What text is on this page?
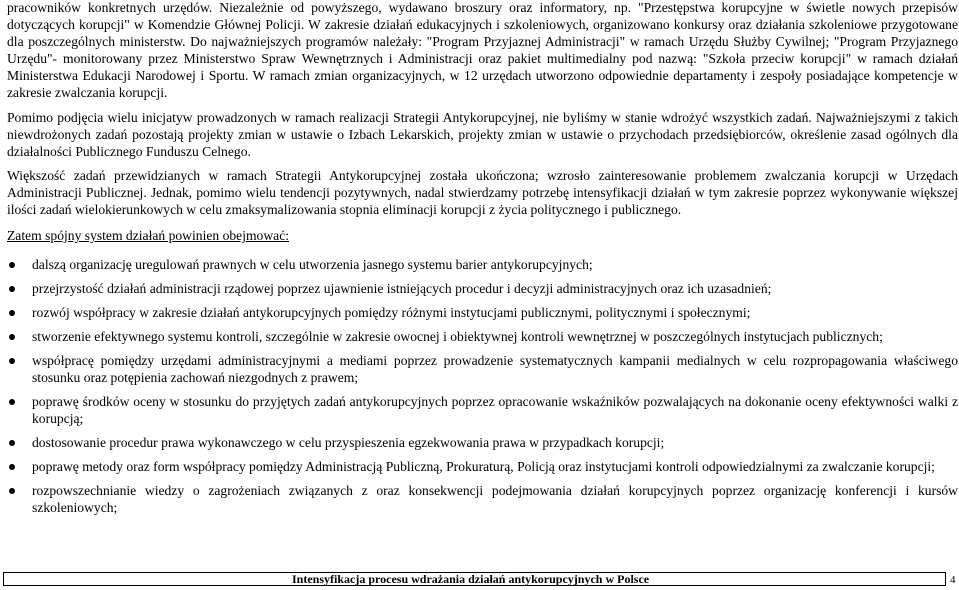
pracowników konkretnych urzędów. Niezależnie od powyższego, wydawano broszury oraz informatory, np. "Przestępstwa korupcyjne w świetle nowych przepisów dotyczących korupcji" w Komendzie Głównej Policji. W zakresie działań edukacyjnych i szkoleniowych, organizowano konkursy oraz działania szkoleniowe przygotowane dla poszczególnych ministerstw. Do najważniejszych programów należały: "Program Przyjaznej Administracji" w ramach Urzędu Służby Cywilnej; "Program Przyjaznego Urzędu"- monitorowany przez Ministerstwo Spraw Wewnętrznych i Administracji oraz pakiet multimedialny pod nazwą: "Szkoła przeciw korupcji" w ramach działań Ministerstwa Edukacji Narodowej i Sportu. W ramach zmian organizacyjnych, w 12 urzędach utworzono odpowiednie departamenty i zespoły posiadające kompetencje w zakresie zwalczania korupcji.

Pomimo podjęcia wielu inicjatyw prowadzonych w ramach realizacji Strategii Antykorupcyjnej, nie byliśmy w stanie wdrożyć wszystkich zadań. Najważniejszymi z takich niewdrożonych zadań pozostają projekty zmian w ustawie o Izbach Lekarskich, projekty zmian w ustawie o przychodach przedsiębiorców, określenie zasad ogólnych dla działalności Publicznego Funduszu Celnego.

Większość zadań przewidzianych w ramach Strategii Antykorupcyjnej została ukończona; wzrosło zainteresowanie problemem zwalczania korupcji w Urzędach Administracji Publicznej. Jednak, pomimo wielu tendencji pozytywnych, nadal stwierdzamy potrzebę intensyfikacji działań w tym zakresie poprzez wykonywanie większej ilości zadań wielokierunkowych w celu zmaksymalizowania stopnia eliminacji korupcji z życia politycznego i publicznego.

Zatem spójny system działań powinien obejmować:

dalszą organizację uregulowań prawnych w celu utworzenia jasnego systemu barier antykorupcyjnych;
przejrzystość działań administracji rządowej poprzez ujawnienie istniejących procedur i decyzji administracyjnych oraz ich uzasadnień;
rozwój współpracy w zakresie działań antykorupcyjnych pomiędzy różnymi instytucjami publicznymi, politycznymi i społecznymi;
stworzenie efektywnego systemu kontroli, szczególnie w zakresie owocnej i obiektywnej kontroli wewnętrznej w poszczególnych instytucjach publicznych;
współpracę pomiędzy urzędami administracyjnymi a mediami poprzez prowadzenie systematycznych kampanii medialnych w celu rozpropagowania właściwego stosunku oraz potępienia zachowań niezgodnych z prawem;
poprawę środków oceny w stosunku do przyjętych zadań antykorupcyjnych poprzez opracowanie wskaźników pozwalających na dokonanie oceny efektywności walki z korupcją;
dostosowanie procedur prawa wykonawczego w celu przyspieszenia egzekwowania prawa w przypadkach korupcji;
poprawę metody oraz form współpracy pomiędzy Administracją Publiczną, Prokuraturą, Policją oraz instytucjami kontroli odpowiedzialnymi za zwalczanie korupcji;
rozpowszechnianie wiedzy o zagrożeniach związanych z oraz konsekwencji podejmowania działań korupcyjnych poprzez organizację konferencji i kursów szkoleniowych;
Intensyfikacja procesu wdrażania działań antykorupcyjnych w Polsce	4
